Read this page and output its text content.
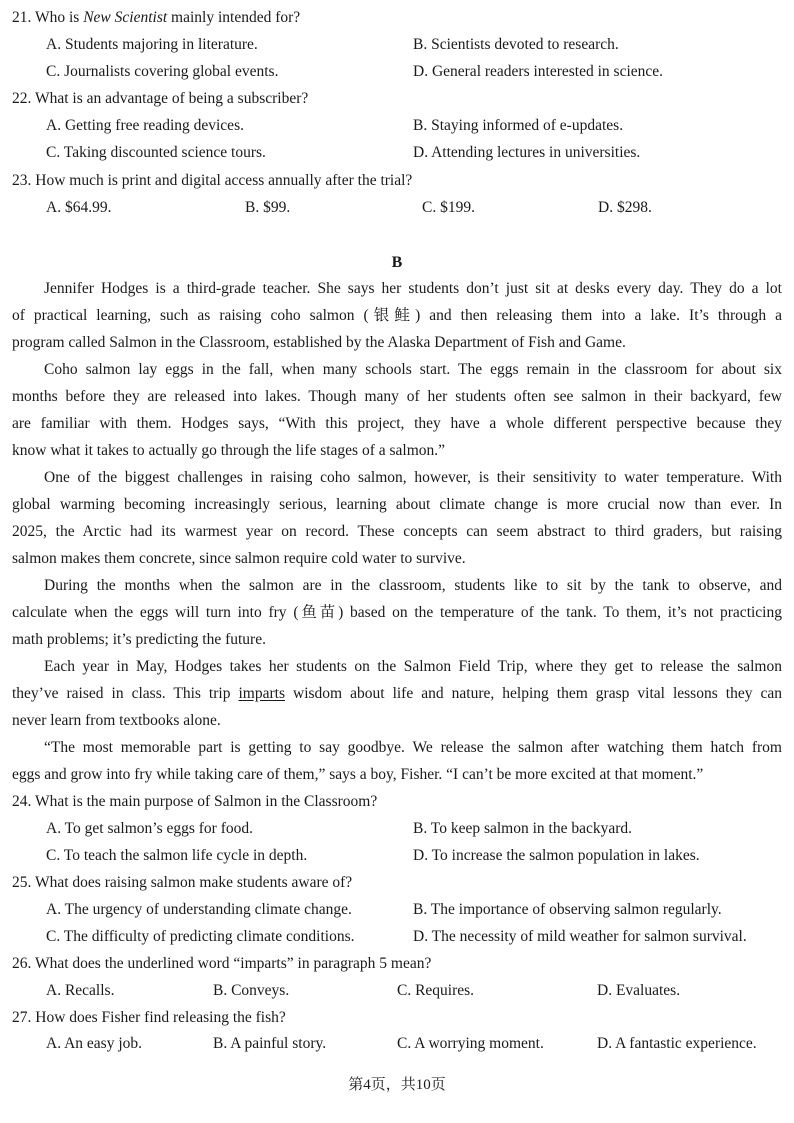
21. Who is New Scientist mainly intended for?
A. Students majoring in literature.	B. Scientists devoted to research.
C. Journalists covering global events.	D. General readers interested in science.
22. What is an advantage of being a subscriber?
A. Getting free reading devices.	B. Staying informed of e-updates.
C. Taking discounted science tours.	D. Attending lectures in universities.
23. How much is print and digital access annually after the trial?
A. $64.99.	B. $99.	C. $199.	D. $298.
B
Jennifer Hodges is a third-grade teacher. She says her students don’t just sit at desks every day. They do a lot
of practical learning, such as raising coho salmon (银鲑) and then releasing them into a lake. It’s through a
program called Salmon in the Classroom, established by the Alaska Department of Fish and Game.
Coho salmon lay eggs in the fall, when many schools start. The eggs remain in the classroom for about six
months before they are released into lakes. Though many of her students often see salmon in their backyard, few
are familiar with them. Hodges says, “With this project, they have a whole different perspective because they
know what it takes to actually go through the life stages of a salmon.”
One of the biggest challenges in raising coho salmon, however, is their sensitivity to water temperature. With
global warming becoming increasingly serious, learning about climate change is more crucial now than ever. In
2025, the Arctic had its warmest year on record. These concepts can seem abstract to third graders, but raising
salmon makes them concrete, since salmon require cold water to survive.
During the months when the salmon are in the classroom, students like to sit by the tank to observe, and
calculate when the eggs will turn into fry (鱼苗) based on the temperature of the tank. To them, it’s not practicing
math problems; it’s predicting the future.
Each year in May, Hodges takes her students on the Salmon Field Trip, where they get to release the salmon
they’ve raised in class. This trip imparts wisdom about life and nature, helping them grasp vital lessons they can
never learn from textbooks alone.
“The most memorable part is getting to say goodbye. We release the salmon after watching them hatch from
eggs and grow into fry while taking care of them,” says a boy, Fisher. “I can’t be more excited at that moment.”
24. What is the main purpose of Salmon in the Classroom?
A. To get salmon’s eggs for food.	B. To keep salmon in the backyard.
C. To teach the salmon life cycle in depth.	D. To increase the salmon population in lakes.
25. What does raising salmon make students aware of?
A. The urgency of understanding climate change.	B. The importance of observing salmon regularly.
C. The difficulty of predicting climate conditions.	D. The necessity of mild weather for salmon survival.
26. What does the underlined word “imparts” in paragraph 5 mean?
A. Recalls.	B. Conveys.	C. Requires.	D. Evaluates.
27. How does Fisher find releasing the fish?
A. An easy job.	B. A painful story.	C. A worrying moment.	D. A fantastic experience.
第4页，共10页
